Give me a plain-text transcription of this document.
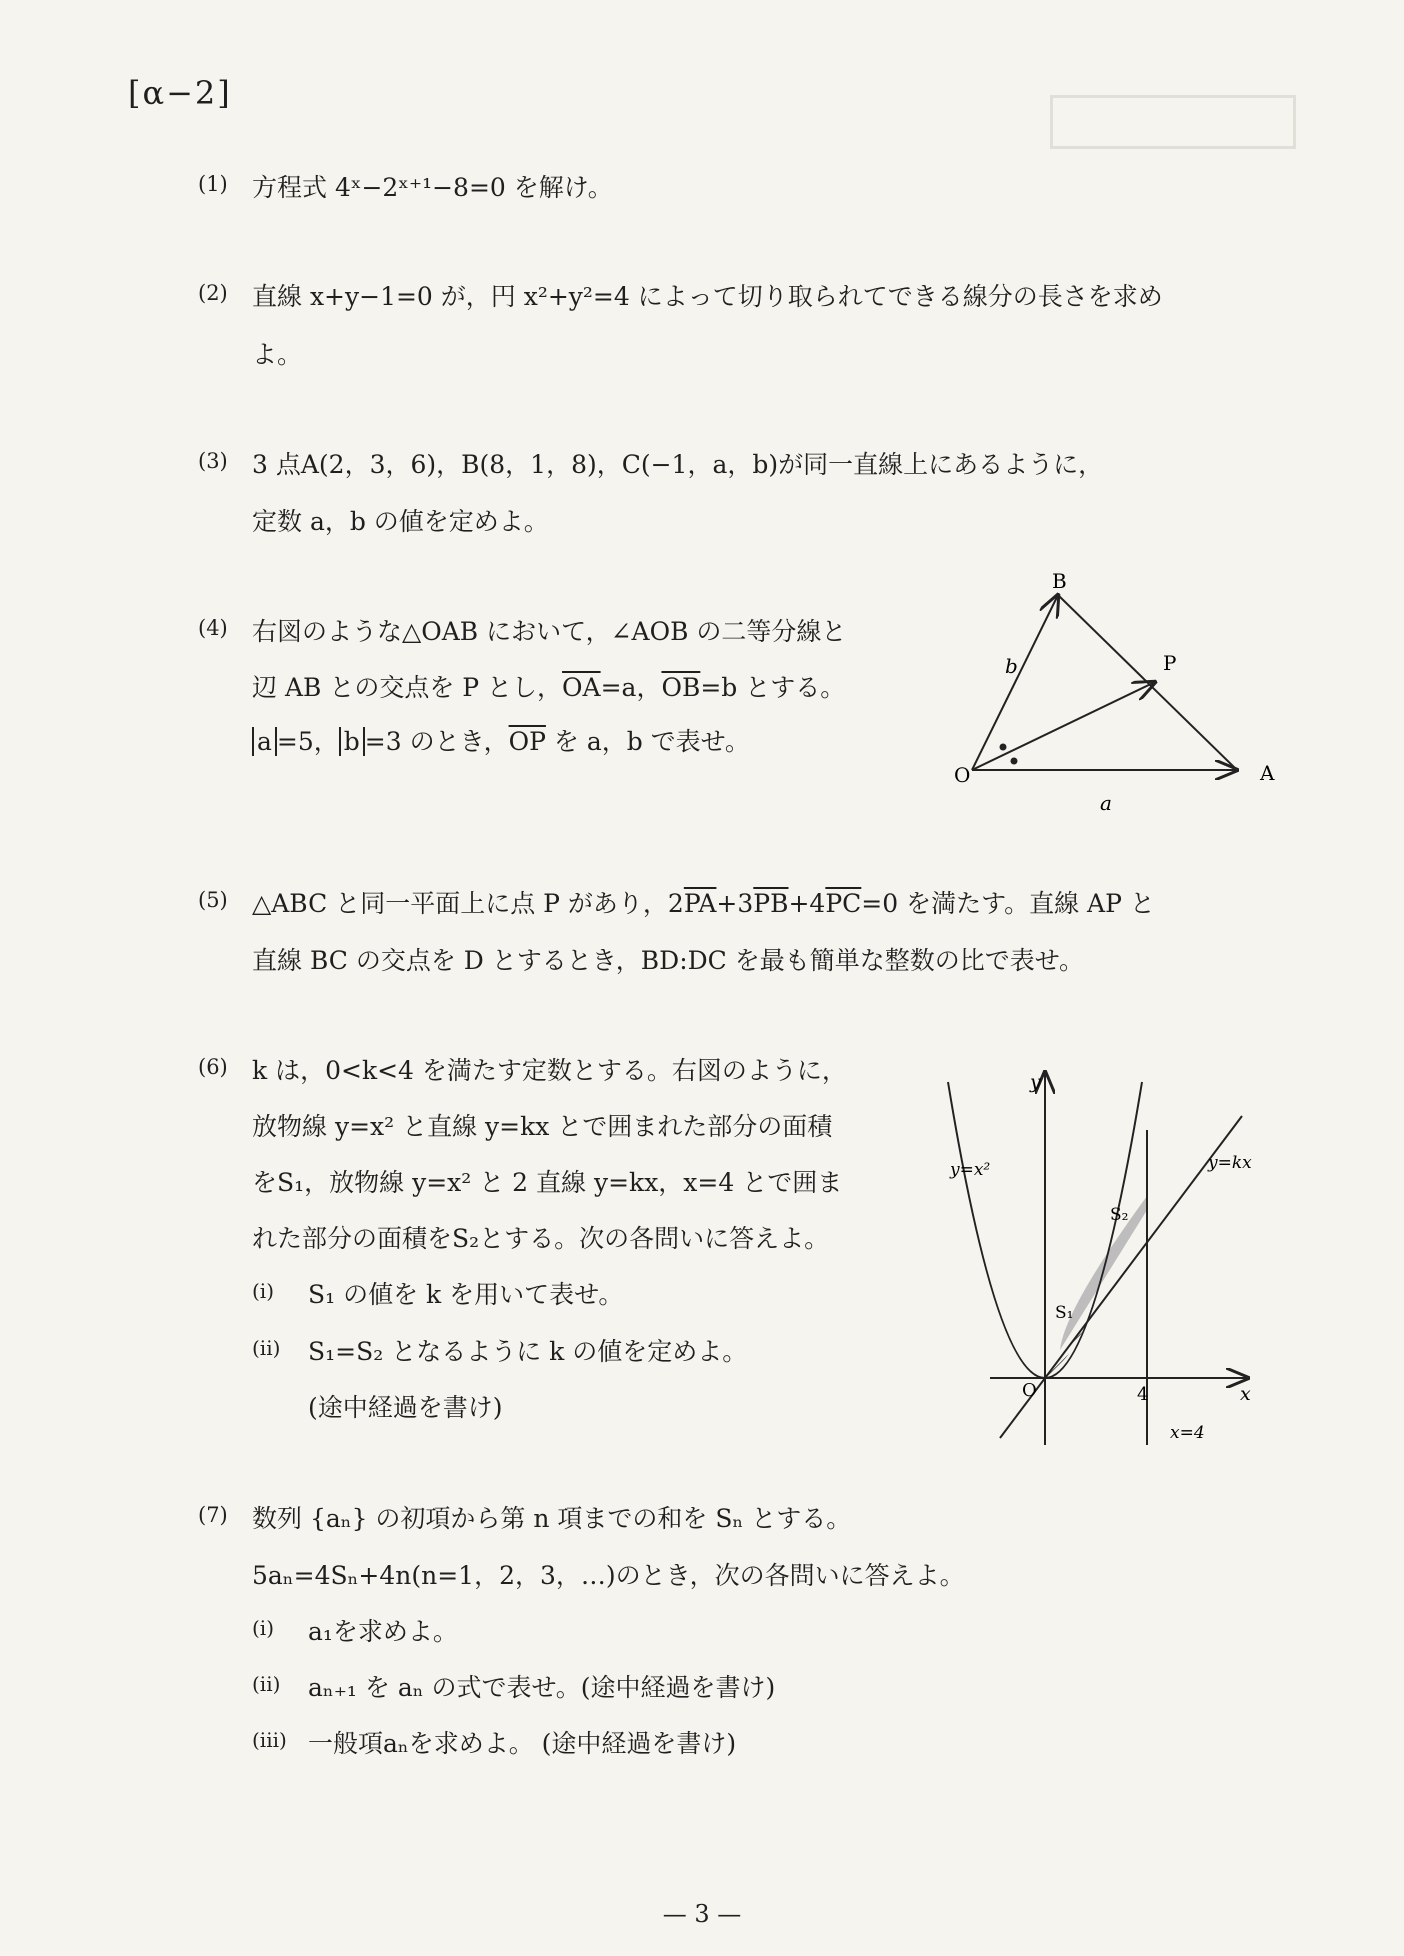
[α−2]
(1) 方程式 4ˣ−2ˣ⁺¹−8=0 を解け。
(2) 直線 x+y−1=0 が，円 x²+y²=4 によって切り取られてできる線分の長さを求め
よ。
(3) 3 点A(2，3，6)，B(8，1，8)，C(−1，a，b)が同一直線上にあるように，
定数 a，b の値を定めよ。
(4) 右図のような△OAB において，∠AOB の二等分線と
辺 AB との交点を P とし，$\overline{OA}=a$，$\overline{OB}=b$ とする。
a =5， b =3 のとき，$\overline{OP}$ を a，b で表せ。
B
P
O	A
b
a
(5) △ABC と同一平面上に点 P があり，$2\overline{PA}+3\overline{PB}+4\overline{PC}=0$ を満たす。直線 AP と
直線 BC の交点を D とするとき，BD:DC を最も簡単な整数の比で表せ。
(6) k は，0<k<4 を満たす定数とする。右図のように，
放物線 y=x² と直線 y=kx とで囲まれた部分の面積
をS₁，放物線 y=x² と 2 直線 y=kx，x=4 とで囲ま
れた部分の面積をS₂とする。次の各問いに答えよ。
(i) S₁ の値を k を用いて表せ。
(ii) S₁=S₂ となるように k の値を定めよ。
(途中経過を書け)
y
x
y=x²	y=kx
S₂
S₁
O	4
x=4
(7) 数列 {aₙ} の初項から第 n 項までの和を Sₙ とする。
5aₙ=4Sₙ+4n(n=1，2，3，…)のとき，次の各問いに答えよ。
(i) a₁を求めよ。
(ii) aₙ₊₁ を aₙ の式で表せ。(途中経過を書け)
(iii) 一般項aₙを求めよ。 (途中経過を書け)
— 3 —
